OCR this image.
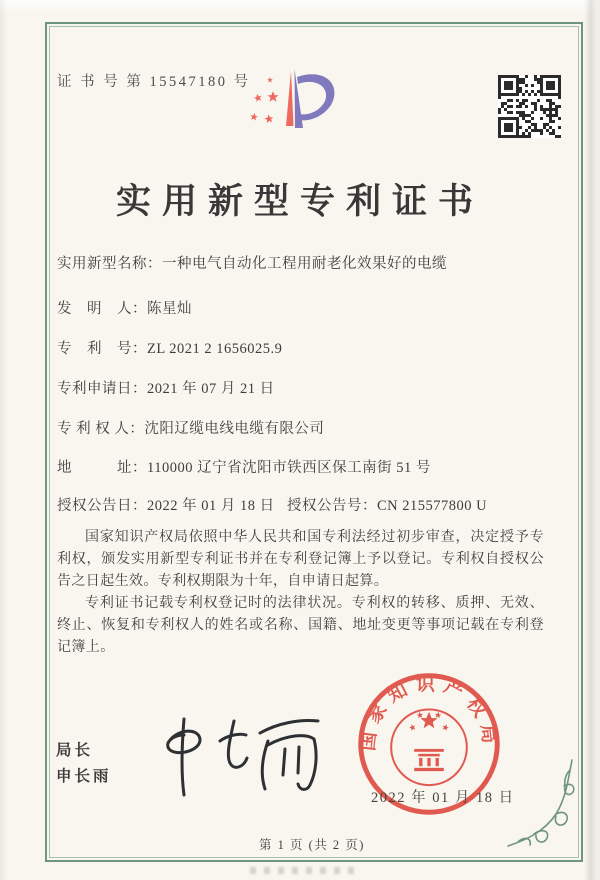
证 书 号 第 15547180 号
实用新型专利证书
实用新型名称：一种电气自动化工程用耐老化效果好的电缆
发　明　人：陈星灿
专　利　号：ZL 2021 2 1656025.9
专利申请日：2021 年 07 月 21 日
专 利 权 人：沈阳辽缆电线电缆有限公司
地　　　址：110000 辽宁省沈阳市铁西区保工南街 51 号
授权公告日：2022 年 01 月 18 日 授权公告号：CN 215577800 U

国家知识产权局依照中华人民共和国专利法经过初步审查，决定授予专利权，颁发实用新型专利证书并在专利登记簿上予以登记。专利权自授权公告之日起生效。专利权期限为十年，自申请日起算。

专利证书记载专利权登记时的法律状况。专利权的转移、质押、无效、终止、恢复和专利权人的姓名或名称、国籍、地址变更等事项记载在专利登记簿上。

局长
申长雨
国家知识产权局
2022 年 01 月 18 日
第 1 页 (共 2 页)
